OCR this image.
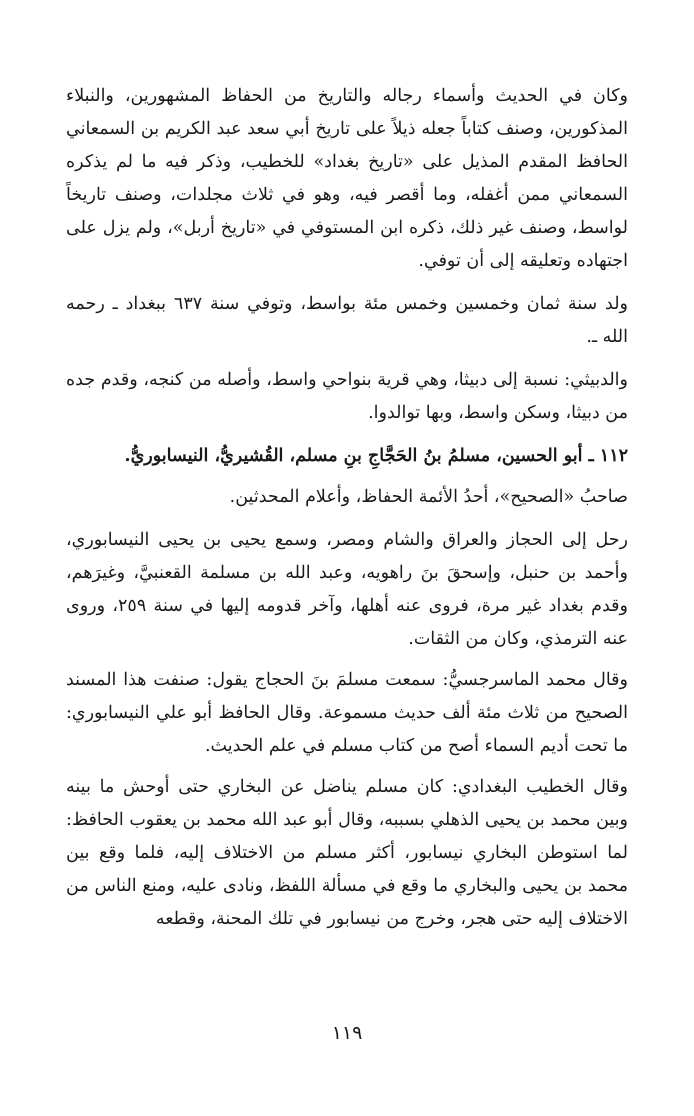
وكان في الحديث وأسماء رجاله والتاريخ من الحفاظ المشهورين، والنبلاء المذكورين، وصنف كتاباً جعله ذيلاً على تاريخ أبي سعد عبد الكريم بن السمعاني الحافظ المقدم المذيل على «تاريخ بغداد» للخطيب، وذكر فيه ما لم يذكره السمعاني ممن أغفله، وما أقصر فيه، وهو في ثلاث مجلدات، وصنف تاريخاً لواسط، وصنف غير ذلك، ذكره ابن المستوفي في «تاريخ أربل»، ولم يزل على اجتهاده وتعليقه إلى أن توفي.

ولد سنة ثمان وخمسين وخمس مئة بواسط، وتوفي سنة ٦٣٧ ببغداد ـ رحمه الله ـ.

والدبيثي: نسبة إلى دبيثا، وهي قرية بنواحي واسط، وأصله من كنجه، وقدم جده من دبيثا، وسكن واسط، وبها توالدوا.

١١٢ ـ أبو الحسين، مسلمُ بنُ الحَجَّاجِ بنِ مسلم، القُشيريُّ، النيسابوريُّ.

صاحبُ «الصحيح»، أحدُ الأئمة الحفاظ، وأعلام المحدثين.

رحل إلى الحجاز والعراق والشام ومصر، وسمع يحيى بن يحيى النيسابوري، وأحمد بن حنبل، وإسحقَ بنَ راهويه، وعبد الله بن مسلمة القعنبيَّ، وغيرَهم، وقدم بغداد غير مرة، فروى عنه أهلها، وآخر قدومه إليها في سنة ٢٥٩، وروى عنه الترمذي، وكان من الثقات.

وقال محمد الماسرجسيُّ: سمعت مسلمَ بنَ الحجاج يقول: صنفت هذا المسند الصحيح من ثلاث مئة ألف حديث مسموعة. وقال الحافظ أبو علي النيسابوري: ما تحت أديم السماء أصح من كتاب مسلم في علم الحديث.

وقال الخطيب البغدادي: كان مسلم يناضل عن البخاري حتى أوحش ما بينه وبين محمد بن يحيى الذهلي بسببه، وقال أبو عبد الله محمد بن يعقوب الحافظ: لما استوطن البخاري نيسابور، أكثر مسلم من الاختلاف إليه، فلما وقع بين محمد بن يحيى والبخاري ما وقع في مسألة اللفظ، ونادى عليه، ومنع الناس من الاختلاف إليه حتى هجر، وخرج من نيسابور في تلك المحنة، وقطعه

١١٩
